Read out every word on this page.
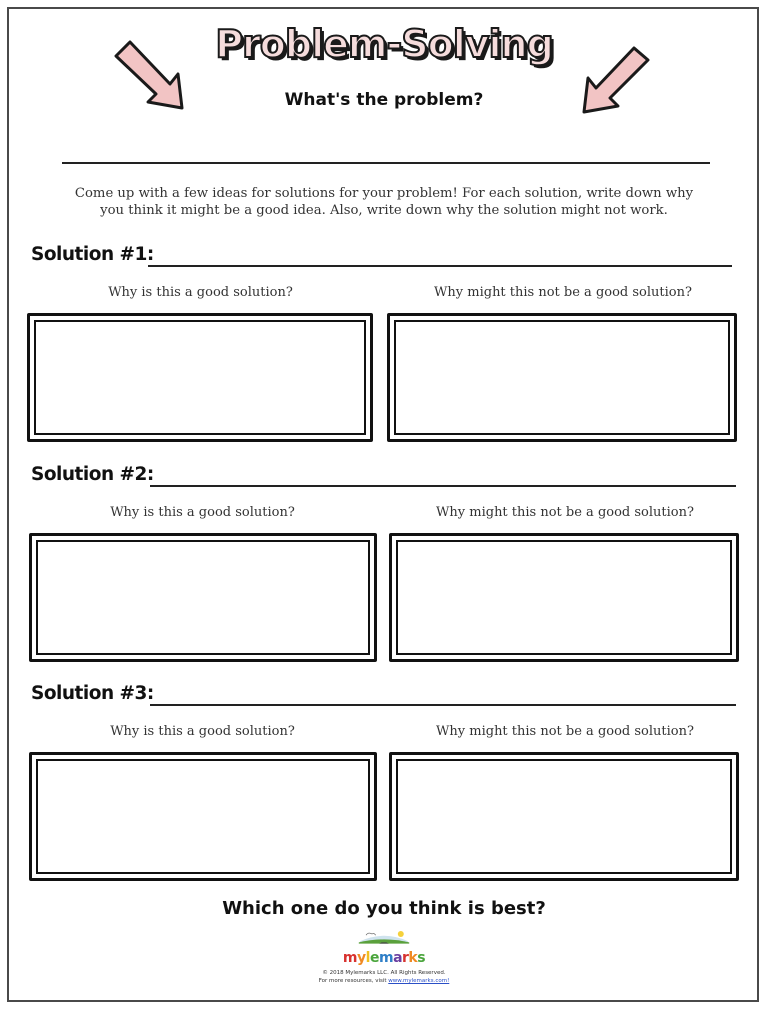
Problem-Solving
What's the problem?
Come up with a few ideas for solutions for your problem! For each solution, write down why
you think it might be a good idea. Also, write down why the solution might not work.
Solution #1:
Why is this a good solution?	Why might this not be a good solution?
Solution #2:
Why is this a good solution?	Why might this not be a good solution?
Solution #3:
Why is this a good solution?	Why might this not be a good solution?
Which one do you think is best?
mylemarks
© 2018 Mylemarks LLC. All Rights Reserved.
For more resources, visit www.mylemarks.com!
